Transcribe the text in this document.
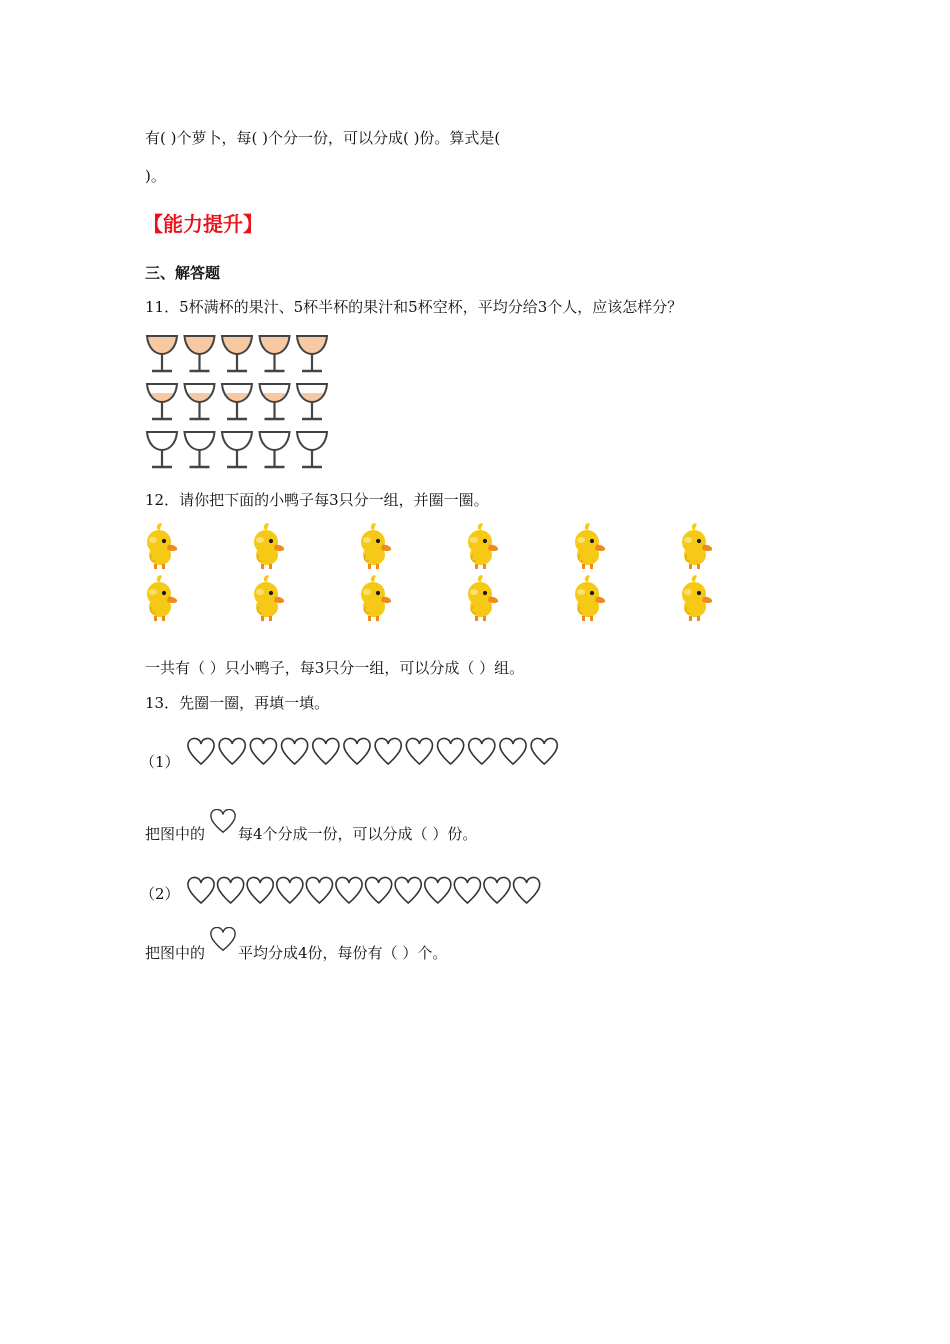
有( )个萝卜，每( )个分一份，可以分成( )份。算式是(
)。
【能力提升】
三、解答题
11．5杯满杯的果汁、5杯半杯的果汁和5杯空杯，平均分给3个人，应该怎样分？
12．请你把下面的小鸭子每3只分一组，并圈一圈。
一共有（ ）只小鸭子，每3只分一组，可以分成（ ）组。
13．先圈一圈，再填一填。
（1）
把图中的 每4个分成一份，可以分成（ ）份。
（2）
把图中的 平均分成4份，每份有（ ）个。
